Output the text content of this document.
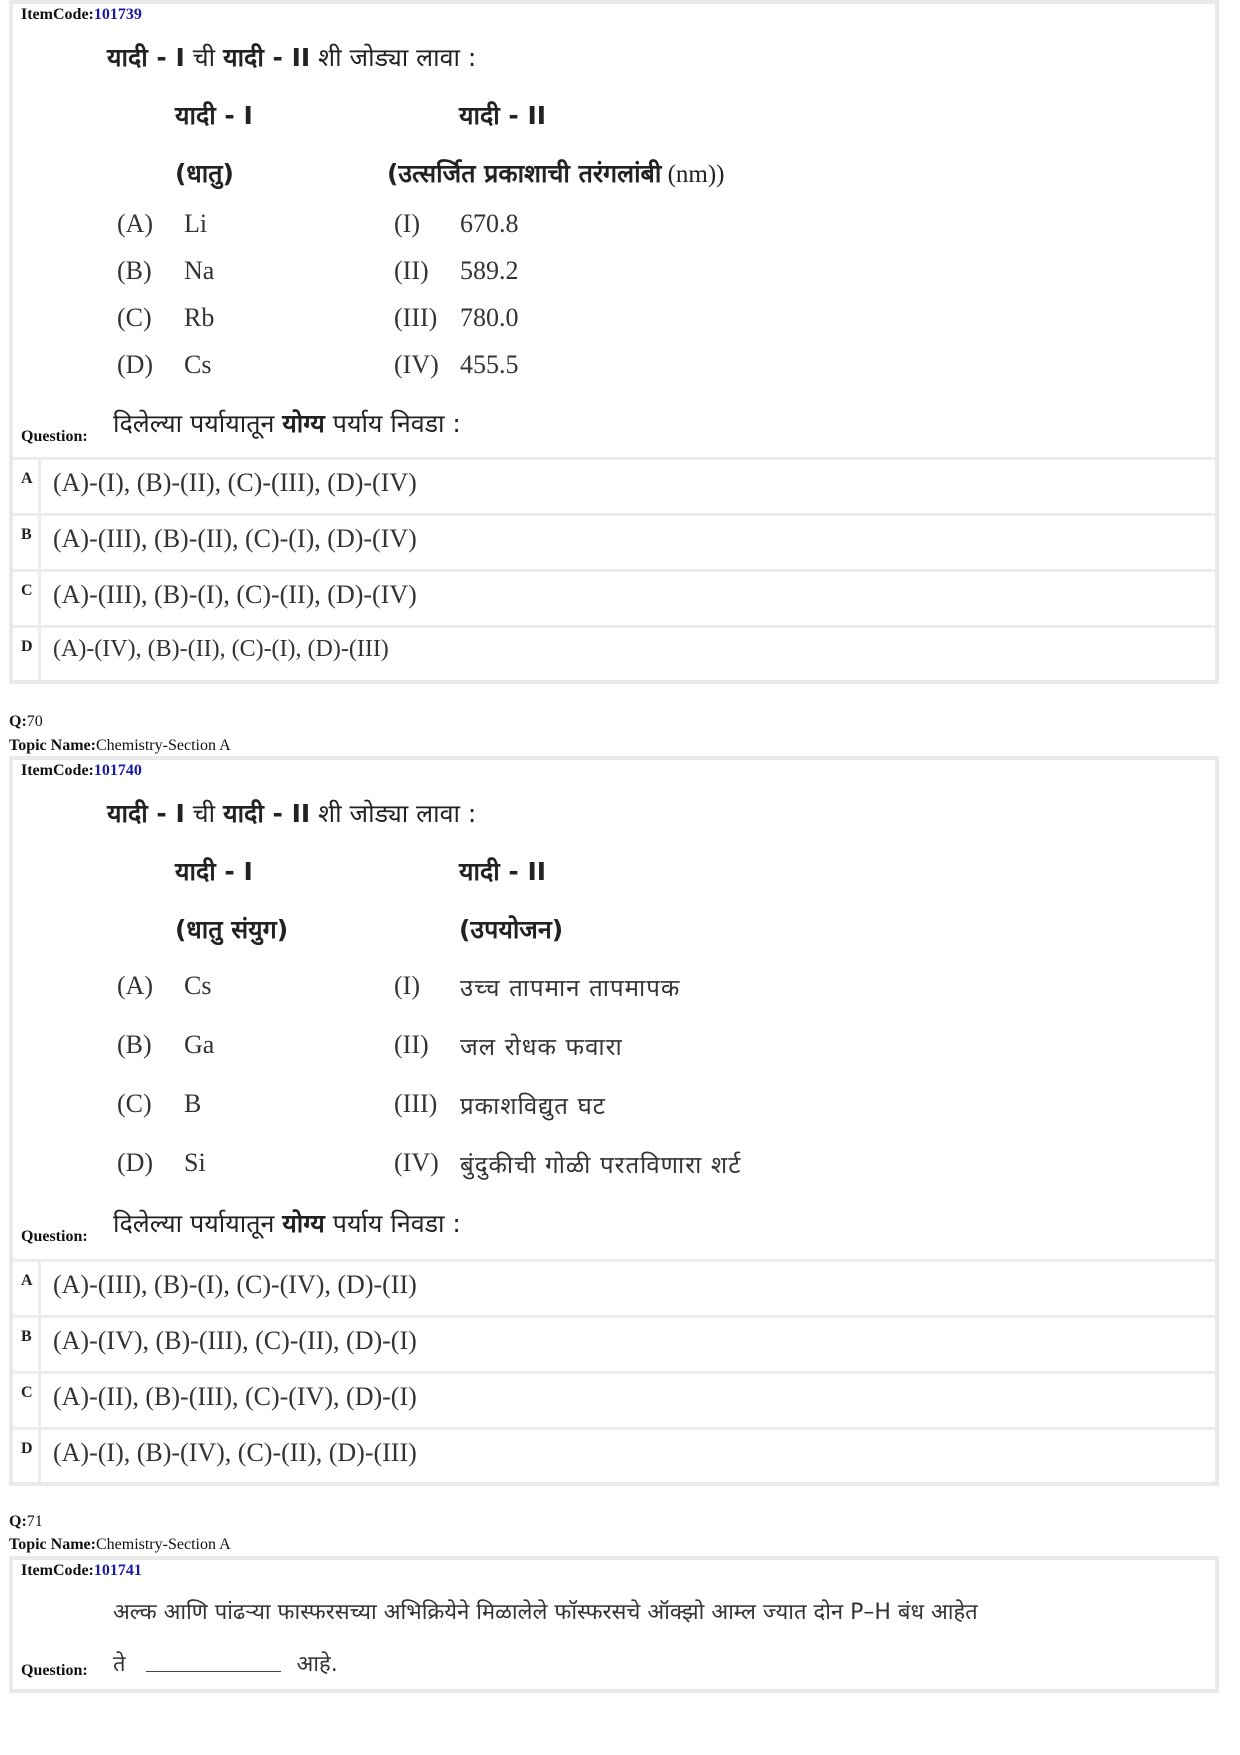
ItemCode:101739
यादी - I ची यादी - II शी जोड्या लावा :
यादी - I	यादी - II
(धातु)	(उत्सर्जित प्रकाशाची तरंगलांबी (nm))
(A) Li	(I) 670.8
(B) Na	(II) 589.2
(C) Rb	(III) 780.0
(D) Cs	(IV) 455.5
दिलेल्या पर्यायातून योग्य पर्याय निवडा :
Question:
A (A)-(I), (B)-(II), (C)-(III), (D)-(IV)
B (A)-(III), (B)-(II), (C)-(I), (D)-(IV)
C (A)-(III), (B)-(I), (C)-(II), (D)-(IV)
D (A)-(IV), (B)-(II), (C)-(I), (D)-(III)
Q:70
Topic Name:Chemistry-Section A
ItemCode:101740
यादी - I ची यादी - II शी जोड्या लावा :
यादी - I	यादी - II
(धातु संयुग)	(उपयोजन)
(A) Cs	(I) उच्च तापमान तापमापक
(B) Ga	(II) जल रोधक फवारा
(C) B	(III) प्रकाशविद्युत घट
(D) Si	(IV) बुंदुकीची गोळी परतविणारा शर्ट
दिलेल्या पर्यायातून योग्य पर्याय निवडा :
Question:
A (A)-(III), (B)-(I), (C)-(IV), (D)-(II)
B (A)-(IV), (B)-(III), (C)-(II), (D)-(I)
C (A)-(II), (B)-(III), (C)-(IV), (D)-(I)
D (A)-(I), (B)-(IV), (C)-(II), (D)-(III)
Q:71
Topic Name:Chemistry-Section A
ItemCode:101741
अल्क आणि पांढऱ्या फास्फरसच्या अभिक्रियेने मिळालेले फॉस्फरसचे ऑक्झो आम्ल ज्यात दोन P–H बंध आहेत
ते	आहे.
Question:
